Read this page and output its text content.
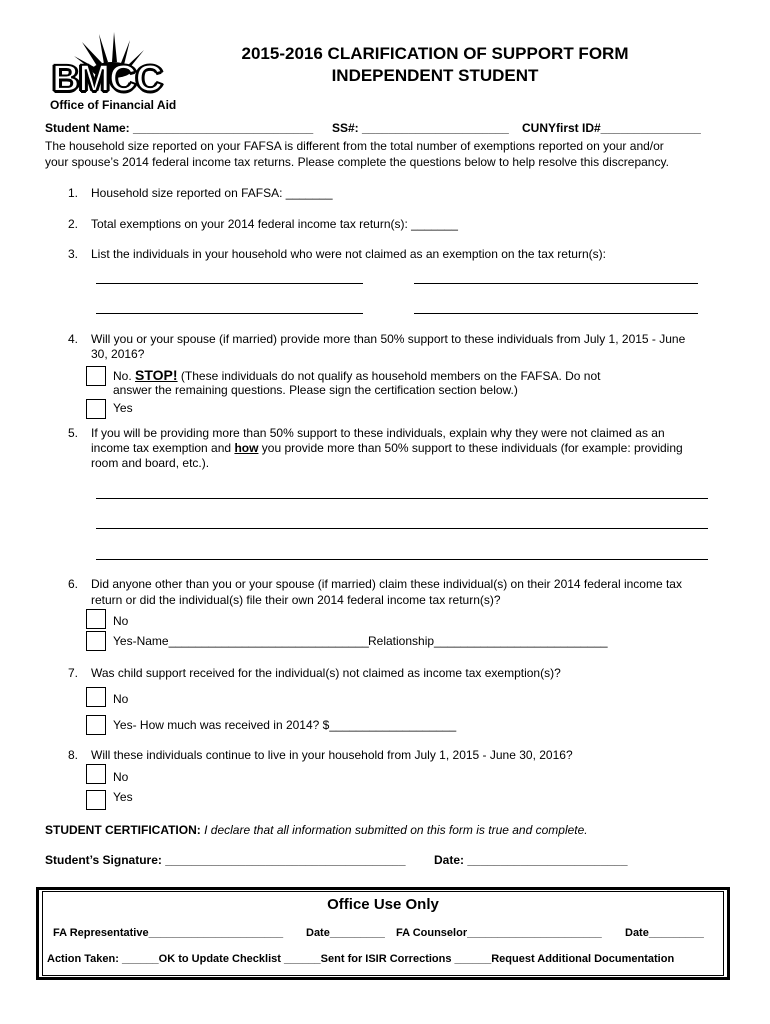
BMCC
2015-2016 CLARIFICATION OF SUPPORT FORM
INDEPENDENT STUDENT
Office of Financial Aid
Student Name: ___________________________ SS#: ______________________ CUNYfirst ID#_______________
The household size reported on your FAFSA is different from the total number of exemptions reported on your and/or
your spouse’s 2014 federal income tax returns. Please complete the questions below to help resolve this discrepancy.
1. Household size reported on FAFSA: _______
2. Total exemptions on your 2014 federal income tax return(s): _______
3. List the individuals in your household who were not claimed as an exemption on the tax return(s):
4. Will you or your spouse (if married) provide more than 50% support to these individuals from July 1, 2015 - June
30, 2016?
No. STOP! (These individuals do not qualify as household members on the FAFSA. Do not
answer the remaining questions. Please sign the certification section below.)
Yes
5. If you will be providing more than 50% support to these individuals, explain why they were not claimed as an
income tax exemption and how you provide more than 50% support to these individuals (for example: providing
room and board, etc.).
6. Did anyone other than you or your spouse (if married) claim these individual(s) on their 2014 federal income tax
return or did the individual(s) file their own 2014 federal income tax return(s)?
No
Yes-Name______________________________ Relationship__________________________
7. Was child support received for the individual(s) not claimed as income tax exemption(s)?
No
Yes- How much was received in 2014? $___________________
8. Will these individuals continue to live in your household from July 1, 2015 - June 30, 2016?
No
Yes
STUDENT CERTIFICATION: I declare that all information submitted on this form is true and complete.
Student’s Signature: ____________________________________ Date: ________________________
Office Use Only
FA Representative______________________ Date_________ FA Counselor______________________ Date_________
Action Taken: ______OK to Update Checklist ______Sent for ISIR Corrections ______Request Additional Documentation
